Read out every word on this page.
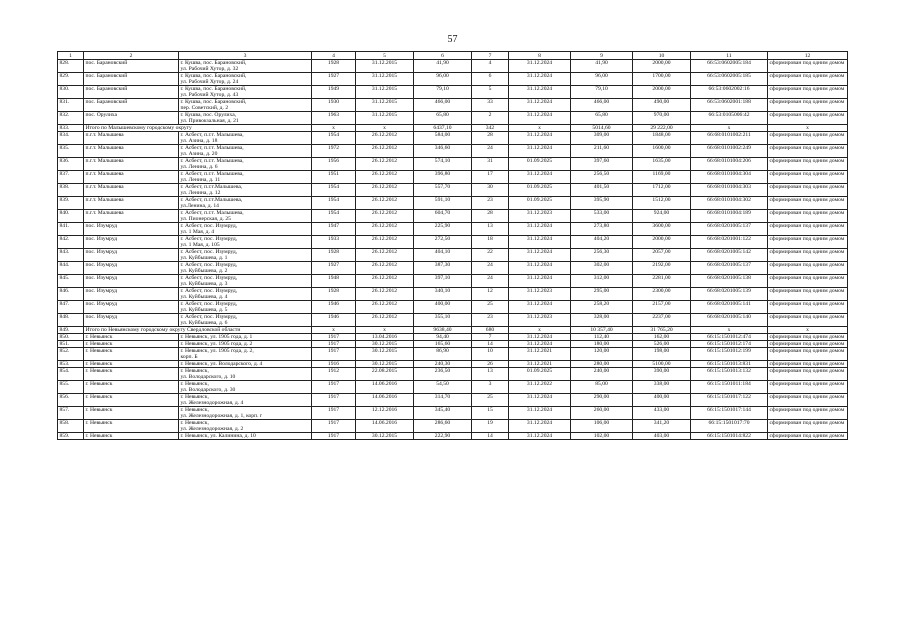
57
1	2	3	4	5	6	7	8	9	10	11	12
828.	пос. Барановский	г. Кушва, пос. Барановский,
ул. Рабочий Хутор, д. 32	1928	31.12.2015	41,90	4	31.12.2024	41,90	2000,00	66:53:0602005:184	сформирован под одним домом
829.	пос. Барановский	г. Кушва, пос. Барановский,
ул. Рабочий Хутор, д. 24	1927	31.12.2015	96,00	6	31.12.2024	96,00	1700,00	66:53:0602005:185	сформирован под одним домом
830.	пос. Барановский	г. Кушва, пос. Барановский,
ул. Рабочий Хутор, д. 43	1949	31.12.2015	79,10	5	31.12.2024	79,10	2000,00	66:53:0602002:16	сформирован под одним домом
831.	пос. Барановский	г. Кушва, пос. Барановский,
пер. Советский, д. 2	1930	31.12.2015	466,00	33	31.12.2024	466,00	490,00	66:53:0602001:188	сформирован под одним домом
832.	пос. Орулиха	г. Кушва, пос. Орулиха,
ул. Привокзальная, д. 21	1963	31.12.2015	65,80	2	31.12.2024	65,80	970,00	66:53:0105006:42	сформирован под одним домом
833.	Итого по Малышевскому городскому округу		x	x	6437,10	342	x	5014,60	29 222,00	x	x
834.	п.г.т. Малышева	г. Асбест, п.г.т. Малышева,
ул. Азина, д. 18	1954	26.12.2012	584,00	28	31.12.2024	309,00	1848,00	66:68:0101002:211	сформирован под одним домом
835.	п.г.т. Малышева	г. Асбест, п.г.т. Малышева,
ул. Азина, д. 20	1972	26.12.2012	346,60	24	31.12.2024	211,60	1600,00	66:68:0101002:249	сформирован под одним домом
836.	п.г.т. Малышева	г. Асбест, п.г.т. Малышева,
ул. Ленина, д. 6	1956	26.12.2012	574,10	31	01.09.2025	397,60	1635,00	66:68:0101004:206	сформирован под одним домом
837.	п.г.т. Малышева	г. Асбест, п.г.т. Малышева,
ул. Ленина, д. 11	1951	26.12.2012	396,80	17	31.12.2024	256,50	1169,00	66:68:0101004:304	сформирован под одним домом
838.	п.г.т. Малышева	г. Асбест, п.г.т.Малышева,
ул. Ленина, д. 12	1954	26.12.2012	557,70	30	01.09.2025	401,50	1712,00	66:68:0101004:303	сформирован под одним домом
839.	п.г.т. Малышева	г. Асбест, п.г.т.Малышева,
ул.Ленина, д. 14	1954	26.12.2012	591,10	23	01.09.2025	395,90	1512,00	66:68:0101004:302	сформирован под одним домом
840.	п.г.т. Малышева	г. Асбест, п.г.т. Малышева,
ул. Пионерская, д. 25	1954	26.12.2012	604,70	28	31.12.2023	533,00	924,00	66:68:0101004:189	сформирован под одним домом
841.	пос. Изумруд	г. Асбест, пос. Изумруд,
ул. 1 Мая, д. 4	1947	26.12.2012	225,90	13	31.12.2024	273,80	3600,00	66:68:0201005:137	сформирован под одним домом
842.	пос. Изумруд	г. Асбест, пос. Изумруд,
ул. 1 Мая, д. 105	1933	26.12.2012	272,50	18	31.12.2024	404,20	2000,00	66:68:0201001:122	сформирован под одним домом
843.	пос. Изумруд	г. Асбест, пос. Изумруд,
ул. Куйбышева, д. 1	1928	26.12.2012	404,10	22	31.12.2024	256,30	2057,00	66:68:0201005:142	сформирован под одним домом
844.	пос. Изумруд	г. Асбест, пос. Изумруд,
ул. Куйбышева, д. 2	1927	26.12.2012	387,30	24	31.12.2024	302,00	2192,00	66:68:0201005:137	сформирован под одним домом
845.	пос. Изумруд	г. Асбест, пос. Изумруд,
ул. Куйбышева, д. 3	1948	26.12.2012	397,10	24	31.12.2024	312,00	2281,00	66:68:0201005:138	сформирован под одним домом
846.	пос. Изумруд	г. Асбест, пос. Изумруд,
ул. Куйбышева, д. 4	1928	26.12.2012	340,10	12	31.12.2023	295,00	2300,00	66:68:0201005:139	сформирован под одним домом
847.	пос. Изумруд	г. Асбест, пос. Изумруд,
ул. Куйбышева, д. 5	1946	26.12.2012	400,00	25	31.12.2024	258,20	2157,00	66:68:0201005:141	сформирован под одним домом
848.	пос. Изумруд	г. Асбест, пос. Изумруд,
ул. Куйбышева, д. 6	1946	26.12.2012	355,10	23	31.12.2023	328,00	2237,00	66:68:0201005:140	сформирован под одним домом
849.	Итого по Невьянскому городскому округу Свердловской области		x	x	9638,40	680	x	10 357,40	31 765,20	x	x
850.	г. Невьянск	г. Невьянск, ул. 1905 года, д. 1	1917	13.04.2016	94,40	7	31.12.2024	112,40	162,00	66:15:1501012:474	сформирован под одним домом
851.	г. Невьянск	г. Невьянск, ул. 1905 года, д. 2	1917	30.12.2015	165,60	14	31.12.2024	180,00	526,00	66:15:1501012:174	сформирован под одним домом
852.	г. Невьянск	г. Невьянск, ул. 1905 года, д. 2,
корп. Б	1917	30.12.2015	86,90	10	31.12.2021	120,00	198,00	66:15:1501012:199	сформирован под одним домом
853.	г. Невьянск	г. Невьянск, ул. Володарского, д. 4	1916	30.12.2015	240,30	26	31.12.2021	280,00	5100,00	66:15:1501013:831	сформирован под одним домом
854.	г. Невьянск	г. Невьянск,
ул. Володарского, д. 10	1912	22.08.2015	236,50	13	01.09.2025	240,00	390,00	66:15:1501013:132	сформирован под одним домом
855.	г. Невьянск	г. Невьянск,
ул. Володарского, д. 30	1917	14.06.2016	54,50	3	31.12.2022	85,00	338,00	66:15:1501011:184	сформирован под одним домом
856.	г. Невьянск	г. Невьянск,
ул. Железнодорожная, д. 4	1917	14.06.2016	314,70	25	31.12.2024	290,00	400,00	66:15:1501017:122	сформирован под одним домом
857.	г. Невьянск	г. Невьянск,
ул. Железнодорожная, д. 1, корп. г	1917	12.12.2016	345,40	15	31.12.2024	260,00	433,00	66:15:1501017:144	сформирован под одним домом
858.	г. Невьянск	г. Невьянск,
ул. Железнодорожная, д. 2	1917	14.06.2016	286,60	19	31.12.2024	106,00	341,20	66:15:1501017:70	сформирован под одним домом
859.	г. Невьянск	г. Невьянск, ул. Калинина, д. 10	1917	30.12.2015	222,90	14	31.12.2024	102,00	403,00	66:15:1501014:822	сформирован под одним домом
